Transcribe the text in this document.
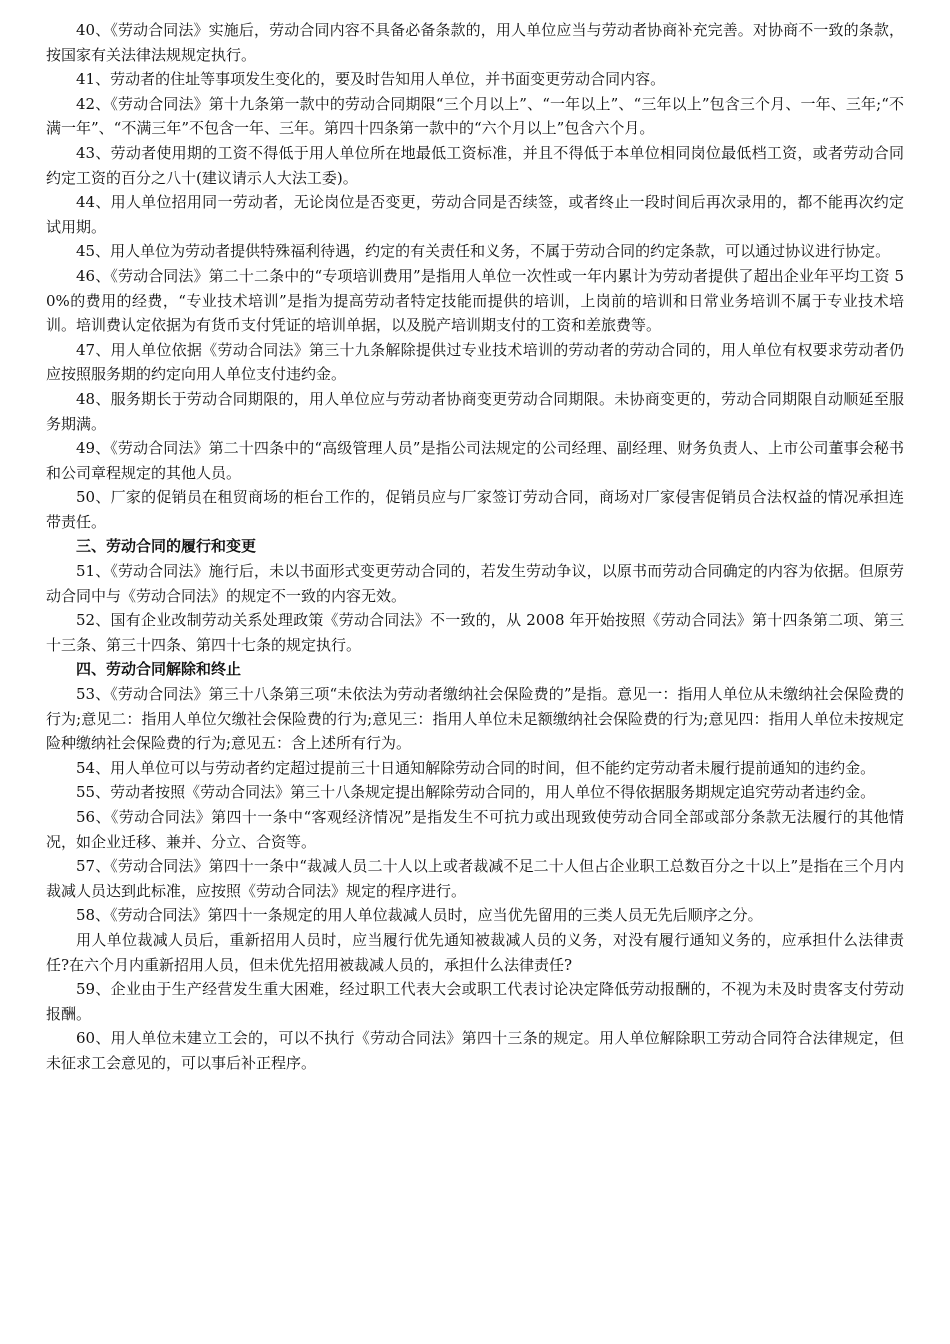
40、《劳动合同法》实施后，劳动合同内容不具备必备条款的，用人单位应当与劳动者协商补充完善。对协商不一致的条款，按国家有关法律法规规定执行。

41、劳动者的住址等事项发生变化的，要及时告知用人单位，并书面变更劳动合同内容。

42、《劳动合同法》第十九条第一款中的劳动合同期限“三个月以上”、“一年以上”、“三年以上”包含三个月、一年、三年;“不满一年”、“不满三年”不包含一年、三年。第四十四条第一款中的“六个月以上”包含六个月。

43、劳动者使用期的工资不得低于用人单位所在地最低工资标准，并且不得低于本单位相同岗位最低档工资，或者劳动合同约定工资的百分之八十(建议请示人大法工委)。

44、用人单位招用同一劳动者，无论岗位是否变更，劳动合同是否续签，或者终止一段时间后再次录用的，都不能再次约定试用期。

45、用人单位为劳动者提供特殊福利待遇，约定的有关责任和义务，不属于劳动合同的约定条款，可以通过协议进行协定。

46、《劳动合同法》第二十二条中的“专项培训费用”是指用人单位一次性或一年内累计为劳动者提供了超出企业年平均工资 50%的费用的经费，“专业技术培训”是指为提高劳动者特定技能而提供的培训，上岗前的培训和日常业务培训不属于专业技术培训。培训费认定依据为有货币支付凭证的培训单据，以及脱产培训期支付的工资和差旅费等。

47、用人单位依据《劳动合同法》第三十九条解除提供过专业技术培训的劳动者的劳动合同的，用人单位有权要求劳动者仍应按照服务期的约定向用人单位支付违约金。

48、服务期长于劳动合同期限的，用人单位应与劳动者协商变更劳动合同期限。未协商变更的，劳动合同期限自动顺延至服务期满。

49、《劳动合同法》第二十四条中的“高级管理人员”是指公司法规定的公司经理、副经理、财务负责人、上市公司董事会秘书和公司章程规定的其他人员。

50、厂家的促销员在租贸商场的柜台工作的，促销员应与厂家签订劳动合同，商场对厂家侵害促销员合法权益的情况承担连带责任。

三、劳动合同的履行和变更

51、《劳动合同法》施行后，未以书面形式变更劳动合同的，若发生劳动争议，以原书而劳动合同确定的内容为依据。但原劳动合同中与《劳动合同法》的规定不一致的内容无效。

52、国有企业改制劳动关系处理政策《劳动合同法》不一致的，从 2008 年开始按照《劳动合同法》第十四条第二项、第三十三条、第三十四条、第四十七条的规定执行。

四、劳动合同解除和终止

53、《劳动合同法》第三十八条第三项“未依法为劳动者缴纳社会保险费的”是指。意见一：指用人单位从未缴纳社会保险费的行为;意见二：指用人单位欠缴社会保险费的行为;意见三：指用人单位未足额缴纳社会保险费的行为;意见四：指用人单位未按规定险种缴纳社会保险费的行为;意见五：含上述所有行为。

54、用人单位可以与劳动者约定超过提前三十日通知解除劳动合同的时间，但不能约定劳动者未履行提前通知的违约金。

55、劳动者按照《劳动合同法》第三十八条规定提出解除劳动合同的，用人单位不得依据服务期规定追究劳动者违约金。

56、《劳动合同法》第四十一条中“客观经济情况”是指发生不可抗力或出现致使劳动合同全部或部分条款无法履行的其他情况，如企业迁移、兼并、分立、合资等。

57、《劳动合同法》第四十一条中“裁减人员二十人以上或者裁减不足二十人但占企业职工总数百分之十以上”是指在三个月内裁减人员达到此标准，应按照《劳动合同法》规定的程序进行。

58、《劳动合同法》第四十一条规定的用人单位裁减人员时，应当优先留用的三类人员无先后顺序之分。

用人单位裁减人员后，重新招用人员时，应当履行优先通知被裁减人员的义务，对没有履行通知义务的，应承担什么法律责任?在六个月内重新招用人员，但未优先招用被裁减人员的，承担什么法律责任?

59、企业由于生产经营发生重大困难，经过职工代表大会或职工代表讨论决定降低劳动报酬的，不视为未及时贵客支付劳动报酬。

60、用人单位未建立工会的，可以不执行《劳动合同法》第四十三条的规定。用人单位解除职工劳动合同符合法律规定，但未征求工会意见的，可以事后补正程序。
